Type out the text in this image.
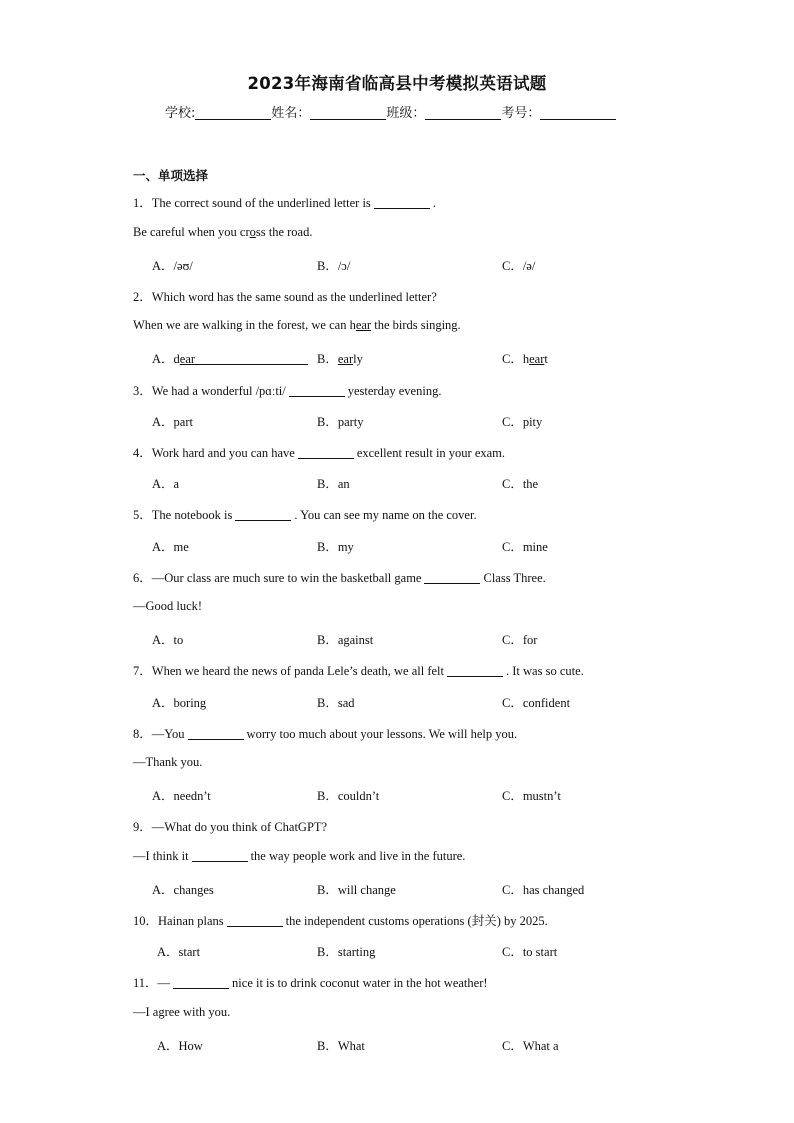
2023年海南省临高县中考模拟英语试题
学校:	姓名：	班级：	考号：
一、单项选择
1．The correct sound of the underlined letter is	.
Be careful when you cross the road.
A．/əʊ/	B．/ɔ/	C．/ə/
2．Which word has the same sound as the underlined letter?
When we are walking in the forest, we can hear the birds singing.
A．dear	B．early	C．heart
3．We had a wonderful /pɑːti/	yesterday evening.
A．part	B．party	C．pity
4．Work hard and you can have	excellent result in your exam.
A．a	B．an	C．the
5．The notebook is	. You can see my name on the cover.
A．me	B．my	C．mine
6．—Our class are much sure to win the basketball game	Class Three.
—Good luck!
A．to	B．against	C．for
7．When we heard the news of panda Lele’s death, we all felt	. It was so cute.
A．boring	B．sad	C．confident
8．—You	worry too much about your lessons. We will help you.
—Thank you.
A．needn’t	B．couldn’t	C．mustn’t
9．—What do you think of ChatGPT?
—I think it	the way people work and live in the future.
A．changes	B．will change	C．has changed
10．Hainan plans	the independent customs operations (封关) by 2025.
A．start	B．starting	C．to start
11．—	nice it is to drink coconut water in the hot weather!
—I agree with you.
A．How	B．What	C．What a
